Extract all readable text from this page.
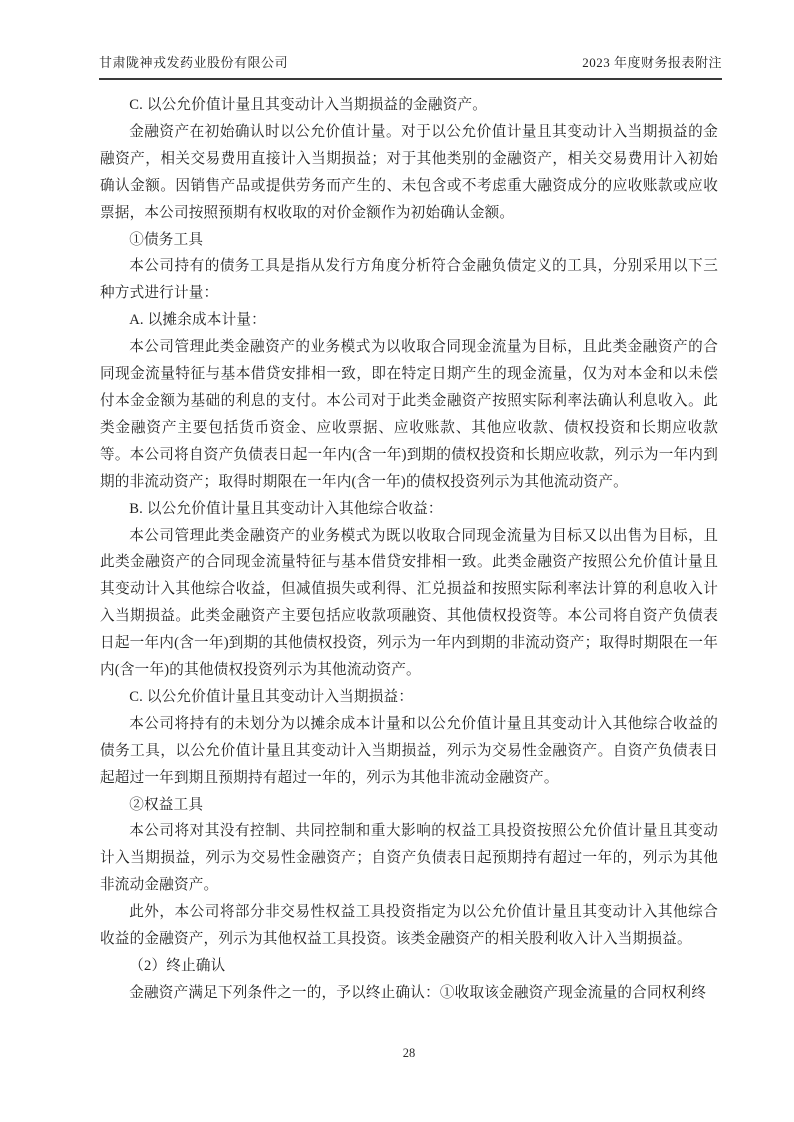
甘肃陇神戎发药业股份有限公司	2023 年度财务报表附注

C. 以公允价值计量且其变动计入当期损益的金融资产。

金融资产在初始确认时以公允价值计量。对于以公允价值计量且其变动计入当期损益的金融资产，相关交易费用直接计入当期损益；对于其他类别的金融资产，相关交易费用计入初始确认金额。因销售产品或提供劳务而产生的、未包含或不考虑重大融资成分的应收账款或应收票据，本公司按照预期有权收取的对价金额作为初始确认金额。

①债务工具

本公司持有的债务工具是指从发行方角度分析符合金融负债定义的工具，分别采用以下三种方式进行计量：

A. 以摊余成本计量：

本公司管理此类金融资产的业务模式为以收取合同现金流量为目标，且此类金融资产的合同现金流量特征与基本借贷安排相一致，即在特定日期产生的现金流量，仅为对本金和以未偿付本金金额为基础的利息的支付。本公司对于此类金融资产按照实际利率法确认利息收入。此类金融资产主要包括货币资金、应收票据、应收账款、其他应收款、债权投资和长期应收款等。本公司将自资产负债表日起一年内(含一年)到期的债权投资和长期应收款，列示为一年内到期的非流动资产；取得时期限在一年内(含一年)的债权投资列示为其他流动资产。

B. 以公允价值计量且其变动计入其他综合收益：

本公司管理此类金融资产的业务模式为既以收取合同现金流量为目标又以出售为目标，且此类金融资产的合同现金流量特征与基本借贷安排相一致。此类金融资产按照公允价值计量且其变动计入其他综合收益，但减值损失或利得、汇兑损益和按照实际利率法计算的利息收入计入当期损益。此类金融资产主要包括应收款项融资、其他债权投资等。本公司将自资产负债表日起一年内(含一年)到期的其他债权投资，列示为一年内到期的非流动资产；取得时期限在一年内(含一年)的其他债权投资列示为其他流动资产。

C. 以公允价值计量且其变动计入当期损益：

本公司将持有的未划分为以摊余成本计量和以公允价值计量且其变动计入其他综合收益的债务工具，以公允价值计量且其变动计入当期损益，列示为交易性金融资产。自资产负债表日起超过一年到期且预期持有超过一年的，列示为其他非流动金融资产。

②权益工具

本公司将对其没有控制、共同控制和重大影响的权益工具投资按照公允价值计量且其变动计入当期损益，列示为交易性金融资产；自资产负债表日起预期持有超过一年的，列示为其他非流动金融资产。

此外，本公司将部分非交易性权益工具投资指定为以公允价值计量且其变动计入其他综合收益的金融资产，列示为其他权益工具投资。该类金融资产的相关股利收入计入当期损益。

（2）终止确认

金融资产满足下列条件之一的，予以终止确认：①收取该金融资产现金流量的合同权利终

28
